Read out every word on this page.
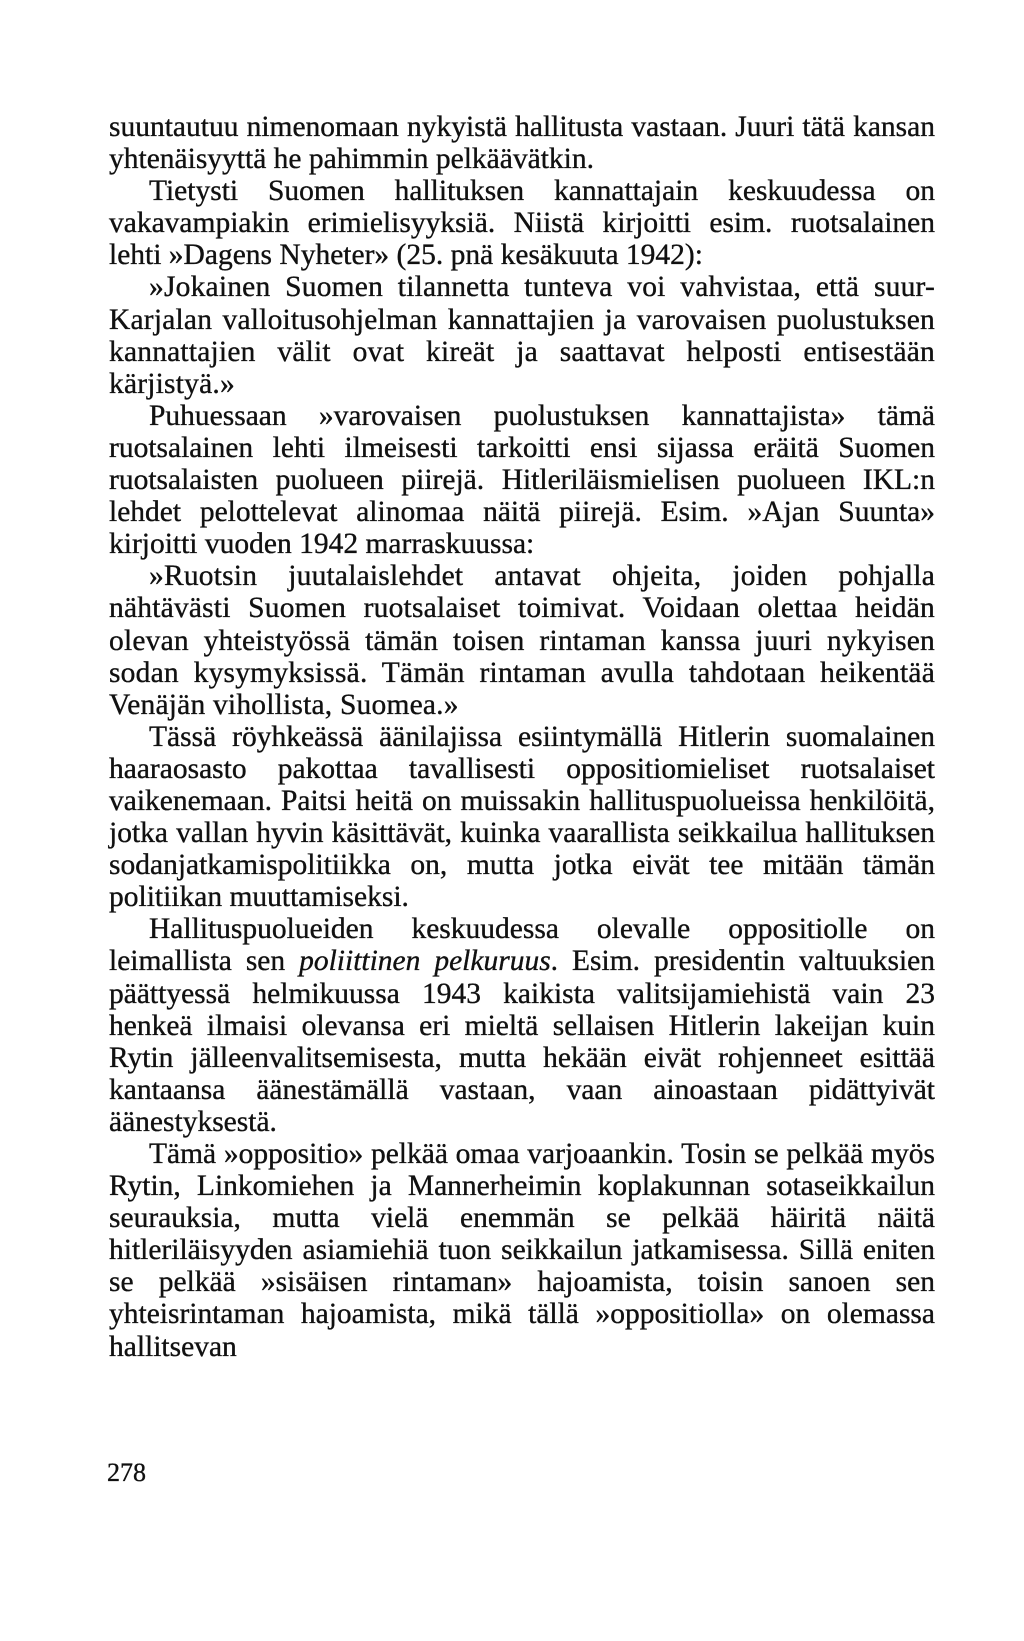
suuntautuu nimenomaan nykyistä hallitusta vastaan. Juuri tätä kansan yhtenäisyyttä he pahimmin pelkäävätkin.

Tietysti Suomen hallituksen kannattajain keskuudessa on vakavampiakin erimielisyyksiä. Niistä kirjoitti esim. ruotsalainen lehti »Dagens Nyheter» (25. pnä kesäkuuta 1942):

»Jokainen Suomen tilannetta tunteva voi vahvistaa, että suur-Karjalan valloitusohjelman kannattajien ja varovaisen puolustuksen kannattajien välit ovat kireät ja saattavat helposti entisestään kärjistyä.»

Puhuessaan »varovaisen puolustuksen kannattajista» tämä ruotsalainen lehti ilmeisesti tarkoitti ensi sijassa eräitä Suomen ruotsalaisten puolueen piirejä. Hitleriläismielisen puolueen IKL:n lehdet pelottelevat alinomaa näitä piirejä. Esim. »Ajan Suunta» kirjoitti vuoden 1942 marraskuussa:

»Ruotsin juutalaislehdet antavat ohjeita, joiden pohjalla nähtävästi Suomen ruotsalaiset toimivat. Voidaan olettaa heidän olevan yhteistyössä tämän toisen rintaman kanssa juuri nykyisen sodan kysymyksissä. Tämän rintaman avulla tahdotaan heikentää Venäjän vihollista, Suomea.»

Tässä röyhkeässä äänilajissa esiintymällä Hitlerin suomalainen haaraosasto pakottaa tavallisesti oppositiomieliset ruotsalaiset vaikenemaan. Paitsi heitä on muissakin hallituspuolueissa henkilöitä, jotka vallan hyvin käsittävät, kuinka vaarallista seikkailua hallituksen sodanjatkamispolitiikka on, mutta jotka eivät tee mitään tämän politiikan muuttamiseksi.

Hallituspuolueiden keskuudessa olevalle oppositiolle on leimallista sen poliittinen pelkuruus. Esim. presidentin valtuuksien päättyessä helmikuussa 1943 kaikista valitsijamiehistä vain 23 henkeä ilmaisi olevansa eri mieltä sellaisen Hitlerin lakeijan kuin Rytin jälleenvalitsemisesta, mutta hekään eivät rohjenneet esittää kantaansa äänestämällä vastaan, vaan ainoastaan pidättyivät äänestyksestä.

Tämä »oppositio» pelkää omaa varjoaankin. Tosin se pelkää myös Rytin, Linkomiehen ja Mannerheimin koplakunnan sotaseikkailun seurauksia, mutta vielä enemmän se pelkää häiritä näitä hitleriläisyyden asiamiehiä tuon seikkailun jatkamisessa. Sillä eniten se pelkää »sisäisen rintaman» hajoamista, toisin sanoen sen yhteisrintaman hajoamista, mikä tällä »oppositiolla» on olemassa hallitsevan

278
